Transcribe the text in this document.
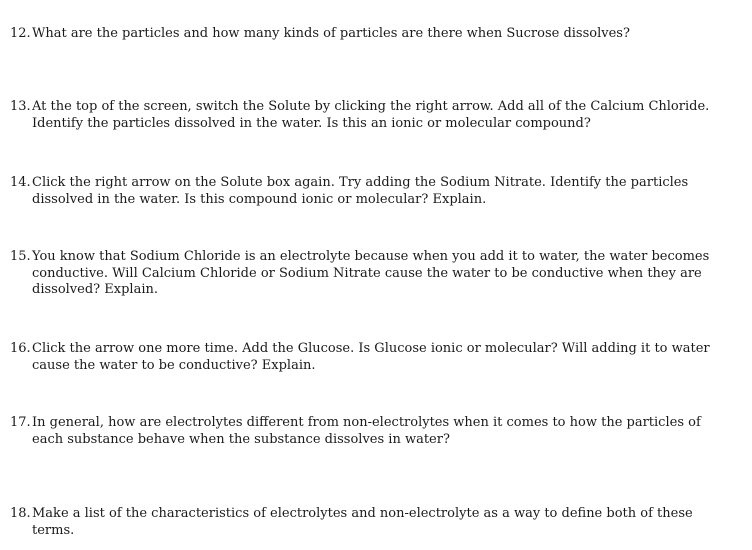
12. What are the particles and how many kinds of particles are there when Sucrose dissolves?
13. At the top of the screen, switch the Solute by clicking the right arrow. Add all of the Calcium Chloride. Identify the particles dissolved in the water. Is this an ionic or molecular compound?
14. Click the right arrow on the Solute box again. Try adding the Sodium Nitrate. Identify the particles dissolved in the water. Is this compound ionic or molecular? Explain.
15. You know that Sodium Chloride is an electrolyte because when you add it to water, the water becomes conductive. Will Calcium Chloride or Sodium Nitrate cause the water to be conductive when they are dissolved? Explain.
16. Click the arrow one more time. Add the Glucose. Is Glucose ionic or molecular? Will adding it to water cause the water to be conductive? Explain.
17. In general, how are electrolytes different from non-electrolytes when it comes to how the particles of each substance behave when the substance dissolves in water?
18. Make a list of the characteristics of electrolytes and non-electrolyte as a way to define both of these terms.
